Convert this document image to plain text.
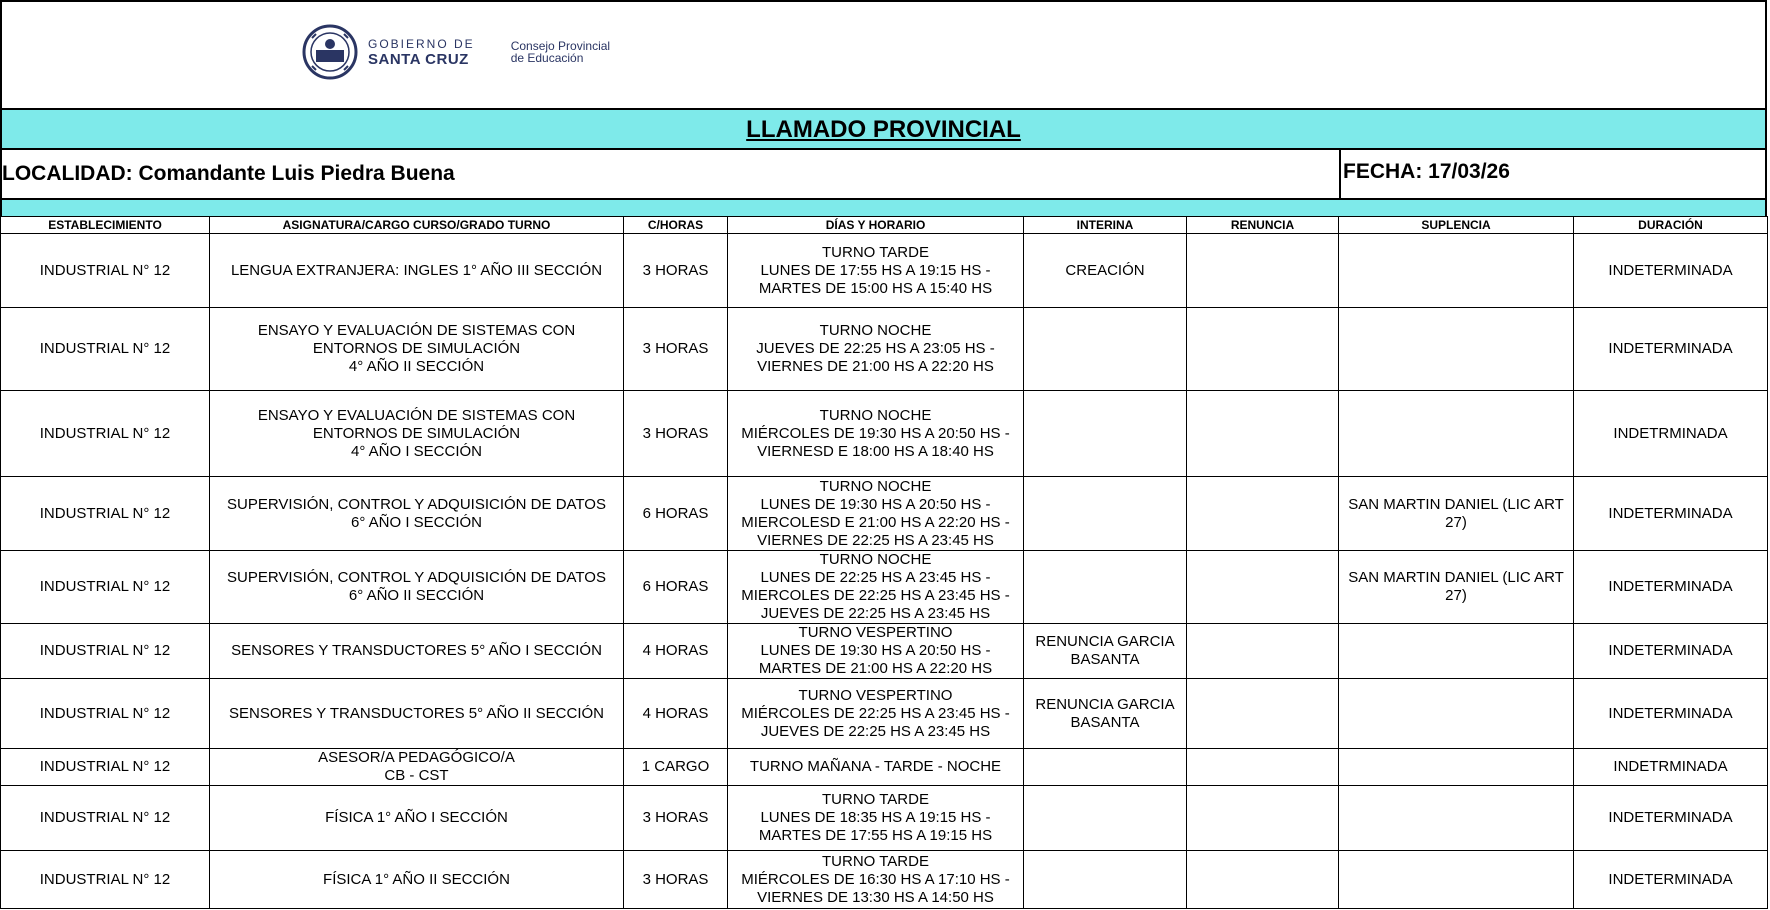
GOBIERNO DE
SANTA CRUZ
Consejo Provincial
de Educación
LLAMADO PROVINCIAL
LOCALIDAD: Comandante Luis Piedra Buena	FECHA: 17/03/26
ESTABLECIMIENTO	ASIGNATURA/CARGO CURSO/GRADO TURNO	C/HORAS	DÍAS Y HORARIO	INTERINA	RENUNCIA	SUPLENCIA	DURACIÓN
INDUSTRIAL N° 12	LENGUA EXTRANJERA: INGLES 1° AÑO III SECCIÓN	3 HORAS	TURNO TARDE
LUNES DE 17:55 HS A 19:15 HS -
MARTES DE 15:00 HS A 15:40 HS	CREACIÓN			INDETERMINADA
INDUSTRIAL N° 12	ENSAYO Y EVALUACIÓN DE SISTEMAS CON
ENTORNOS DE SIMULACIÓN
4° AÑO II SECCIÓN	3 HORAS	TURNO NOCHE
JUEVES DE 22:25 HS A 23:05 HS -
VIERNES DE 21:00 HS A 22:20 HS				INDETERMINADA
INDUSTRIAL N° 12	ENSAYO Y EVALUACIÓN DE SISTEMAS CON
ENTORNOS DE SIMULACIÓN
4° AÑO I SECCIÓN	3 HORAS	TURNO NOCHE
MIÉRCOLES DE 19:30 HS A 20:50 HS -
VIERNESD E 18:00 HS A 18:40 HS				INDETRMINADA
INDUSTRIAL N° 12	SUPERVISIÓN, CONTROL Y ADQUISICIÓN DE DATOS
6° AÑO I SECCIÓN	6 HORAS	TURNO NOCHE
LUNES DE 19:30 HS A 20:50 HS -
MIERCOLESD E 21:00 HS A 22:20 HS -
VIERNES DE 22:25 HS A 23:45 HS			SAN MARTIN DANIEL (LIC ART
27)	INDETERMINADA
INDUSTRIAL N° 12	SUPERVISIÓN, CONTROL Y ADQUISICIÓN DE DATOS
6° AÑO II SECCIÓN	6 HORAS	TURNO NOCHE
LUNES DE 22:25 HS A 23:45 HS -
MIERCOLES DE 22:25 HS A 23:45 HS -
JUEVES DE 22:25 HS A 23:45 HS			SAN MARTIN DANIEL (LIC ART
27)	INDETERMINADA
INDUSTRIAL N° 12	SENSORES Y TRANSDUCTORES 5° AÑO I SECCIÓN	4 HORAS	TURNO VESPERTINO
LUNES DE 19:30 HS A 20:50 HS -
MARTES DE 21:00 HS A 22:20 HS	RENUNCIA GARCIA
BASANTA			INDETERMINADA
INDUSTRIAL N° 12	SENSORES Y TRANSDUCTORES 5° AÑO II SECCIÓN	4 HORAS	TURNO VESPERTINO
MIÉRCOLES DE 22:25 HS A 23:45 HS -
JUEVES DE 22:25 HS A 23:45 HS	RENUNCIA GARCIA
BASANTA			INDETERMINADA
INDUSTRIAL N° 12	ASESOR/A PEDAGÓGICO/A
CB - CST	1 CARGO	TURNO MAÑANA - TARDE - NOCHE				INDETRMINADA
INDUSTRIAL N° 12	FÍSICA 1° AÑO I SECCIÓN	3 HORAS	TURNO TARDE
LUNES DE 18:35 HS A 19:15 HS -
MARTES DE 17:55 HS A 19:15 HS				INDETERMINADA
INDUSTRIAL N° 12	FÍSICA 1° AÑO II SECCIÓN	3 HORAS	TURNO TARDE
MIÉRCOLES DE 16:30 HS A 17:10 HS -
VIERNES DE 13:30 HS A 14:50 HS				INDETERMINADA
